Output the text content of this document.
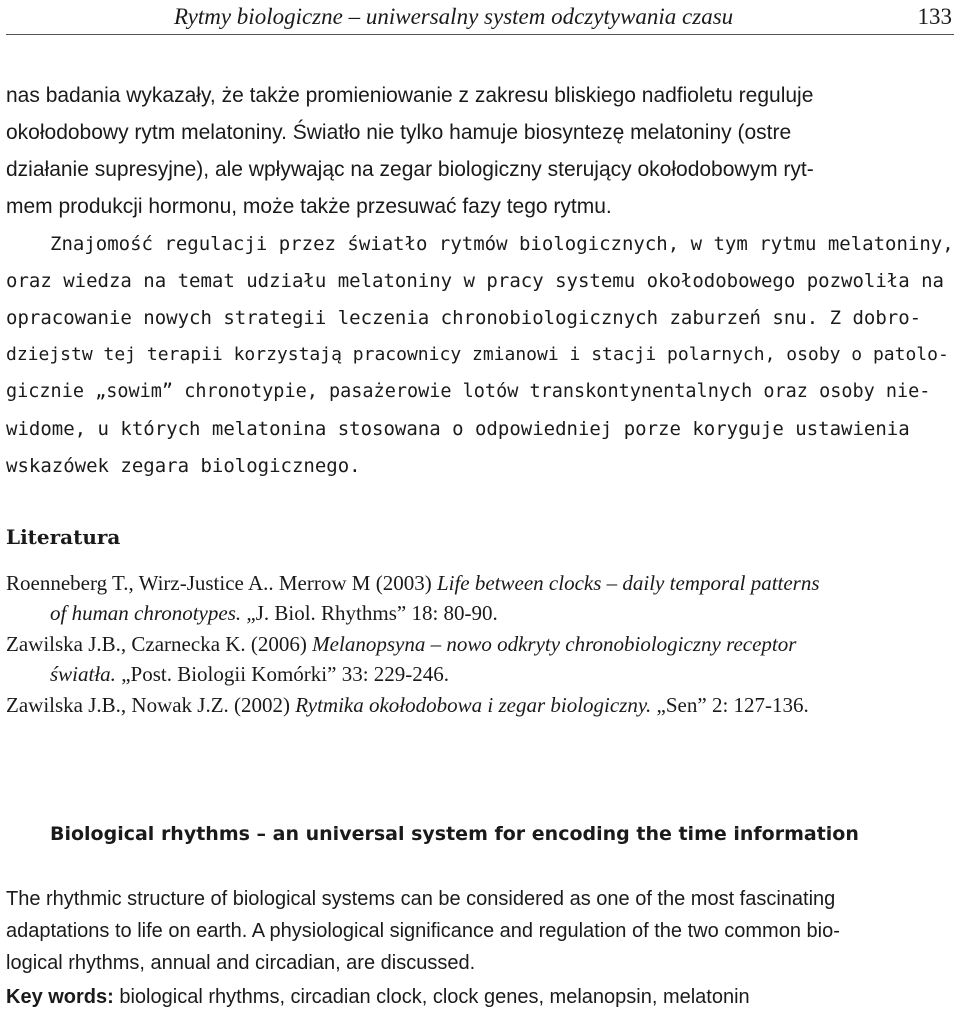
Rytmy biologiczne – uniwersalny system odczytywania czasu	133
nas badania wykazały, że także promieniowanie z zakresu bliskiego nadfioletu reguluje
okołodobowy rytm melatoniny. Światło nie tylko hamuje biosyntezę melatoniny (ostre
działanie supresyjne), ale wpływając na zegar biologiczny sterujący okołodobowym ryt-
mem produkcji hormonu, może także przesuwać fazy tego rytmu.
Znajomość regulacji przez światło rytmów biologicznych, w tym rytmu melatoniny,
oraz wiedza na temat udziału melatoniny w pracy systemu okołodobowego pozwoliła na
opracowanie nowych strategii leczenia chronobiologicznych zaburzeń snu. Z dobro-
dziejstw tej terapii korzystają pracownicy zmianowi i stacji polarnych, osoby o patolo-
gicznie „sowim” chronotypie, pasażerowie lotów transkontynentalnych oraz osoby nie-
widome, u których melatonina stosowana o odpowiedniej porze koryguje ustawienia
wskazówek zegara biologicznego.
Literatura
Roenneberg T., Wirz-Justice A.. Merrow M (2003) Life between clocks – daily temporal patterns
of human chronotypes. „J. Biol. Rhythms” 18: 80-90.
Zawilska J.B., Czarnecka K. (2006) Melanopsyna – nowo odkryty chronobiologiczny receptor
światła. „Post. Biologii Komórki” 33: 229-246.
Zawilska J.B., Nowak J.Z. (2002) Rytmika okołodobowa i zegar biologiczny. „Sen” 2: 127-136.
Biological rhythms – an universal system for encoding the time information
The rhythmic structure of biological systems can be considered as one of the most fascinating
adaptations to life on earth. A physiological significance and regulation of the two common bio-
logical rhythms, annual and circadian, are discussed.
Key words: biological rhythms, circadian clock, clock genes, melanopsin, melatonin
